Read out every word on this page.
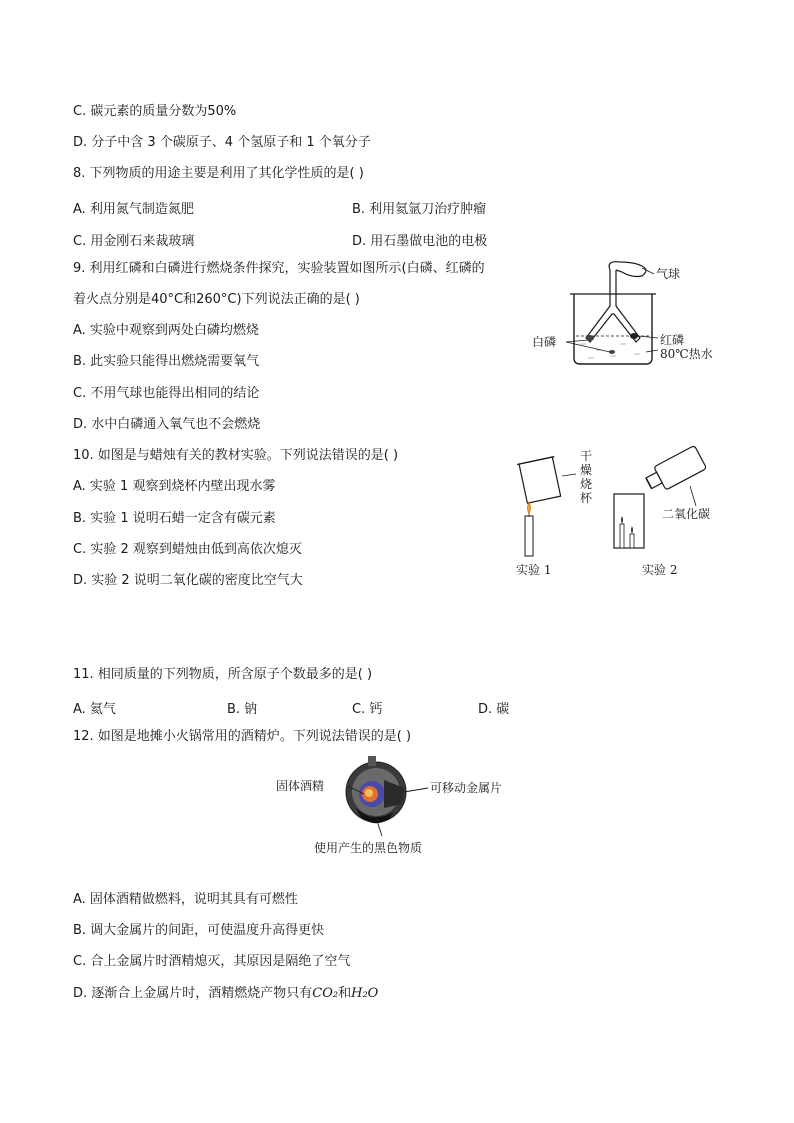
C. 碳元素的质量分数为50%
D. 分子中含 3 个碳原子、4 个氢原子和 1 个氧分子
8. 下列物质的用途主要是利用了其化学性质的是( )
A. 利用氮气制造氮肥	B. 利用氦氩刀治疗肿瘤
C. 用金刚石来裁玻璃	D. 用石墨做电池的电极
9. 利用红磷和白磷进行燃烧条件探究，实验装置如图所示(白磷、红磷的
着火点分别是40°C和260°C)下列说法正确的是( )
A. 实验中观察到两处白磷均燃烧
B. 此实验只能得出燃烧需要氧气
C. 不用气球也能得出相同的结论
D. 水中白磷通入氧气也不会燃烧
气球
白磷	红磷
80℃热水
10. 如图是与蜡烛有关的教材实验。下列说法错误的是( )
A. 实验 1 观察到烧杯内壁出现水雾
B. 实验 1 说明石蜡一定含有碳元素
C. 实验 2 观察到蜡烛由低到高依次熄灭
D. 实验 2 说明二氧化碳的密度比空气大
干
燥
烧
杯
二氧化碳
实验 1	实验 2
11. 相同质量的下列物质，所含原子个数最多的是( )
A. 氦气	B. 钠	C. 钙	D. 碳
12. 如图是地摊小火锅常用的酒精炉。下列说法错误的是( )
固体酒精	可移动金属片
使用产生的黑色物质
A. 固体酒精做燃料，说明其具有可燃性
B. 调大金属片的间距，可使温度升高得更快
C. 合上金属片时酒精熄灭，其原因是隔绝了空气
D. 逐渐合上金属片时，酒精燃烧产物只有CO₂和H₂O
